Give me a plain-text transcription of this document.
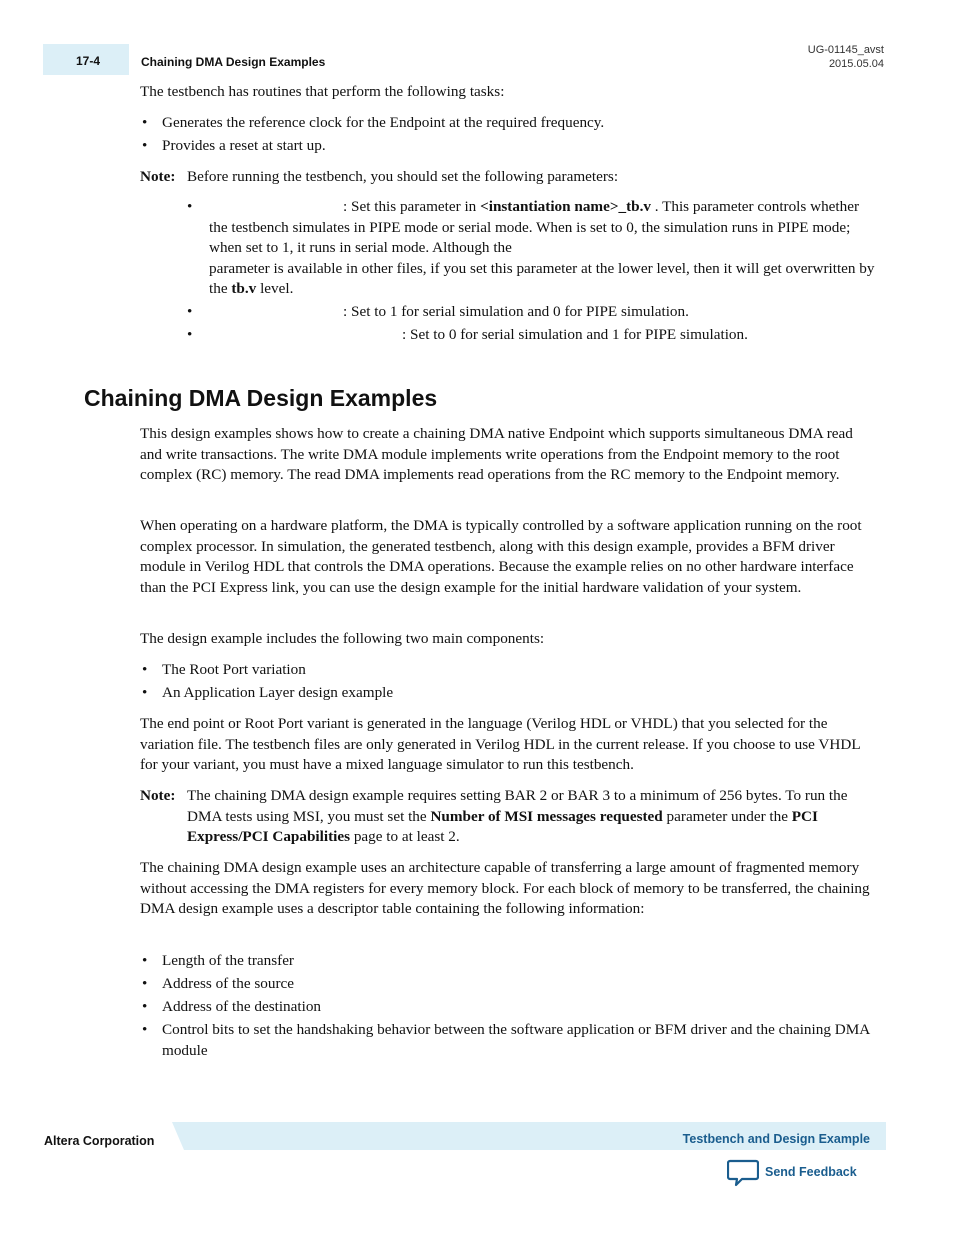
17-4	Chaining DMA Design Examples
UG-01145_avst
2015.05.04

The testbench has routines that perform the following tasks:

• Generates the reference clock for the Endpoint at the required frequency.
• Provides a reset at start up.
Note: Before running the testbench, you should set the following parameters:
• : Set this parameter in <instantiation name>_tb.v . This parameter controls whether the testbench simulates in PIPE mode or serial mode. When is set to 0, the simulation runs in PIPE mode; when set to 1, it runs in serial mode. Although the
parameter is available in other files, if you set this parameter at the lower level, then it will get overwritten by the tb.v level.
• : Set to 1 for serial simulation and 0 for PIPE simulation.
• : Set to 0 for serial simulation and 1 for PIPE simulation.
Chaining DMA Design Examples

This design examples shows how to create a chaining DMA native Endpoint which supports simultaneous DMA read and write transactions. The write DMA module implements write operations from the Endpoint memory to the root complex (RC) memory. The read DMA implements read operations from the RC memory to the Endpoint memory.

When operating on a hardware platform, the DMA is typically controlled by a software application running on the root complex processor. In simulation, the generated testbench, along with this design example, provides a BFM driver module in Verilog HDL that controls the DMA operations. Because the example relies on no other hardware interface than the PCI Express link, you can use the design example for the initial hardware validation of your system.

The design example includes the following two main components:

• The Root Port variation
• An Application Layer design example

The end point or Root Port variant is generated in the language (Verilog HDL or VHDL) that you selected for the variation file. The testbench files are only generated in Verilog HDL in the current release. If you choose to use VHDL for your variant, you must have a mixed language simulator to run this testbench.

Note: The chaining DMA design example requires setting BAR 2 or BAR 3 to a minimum of 256 bytes. To run the DMA tests using MSI, you must set the Number of MSI messages requested parameter under the PCI Express/PCI Capabilities page to at least 2.

The chaining DMA design example uses an architecture capable of transferring a large amount of fragmented memory without accessing the DMA registers for every memory block. For each block of memory to be transferred, the chaining DMA design example uses a descriptor table containing the following information:

• Length of the transfer
• Address of the source
• Address of the destination
• Control bits to set the handshaking behavior between the software application or BFM driver and the chaining DMA module
Altera Corporation	Testbench and Design Example
Send Feedback
